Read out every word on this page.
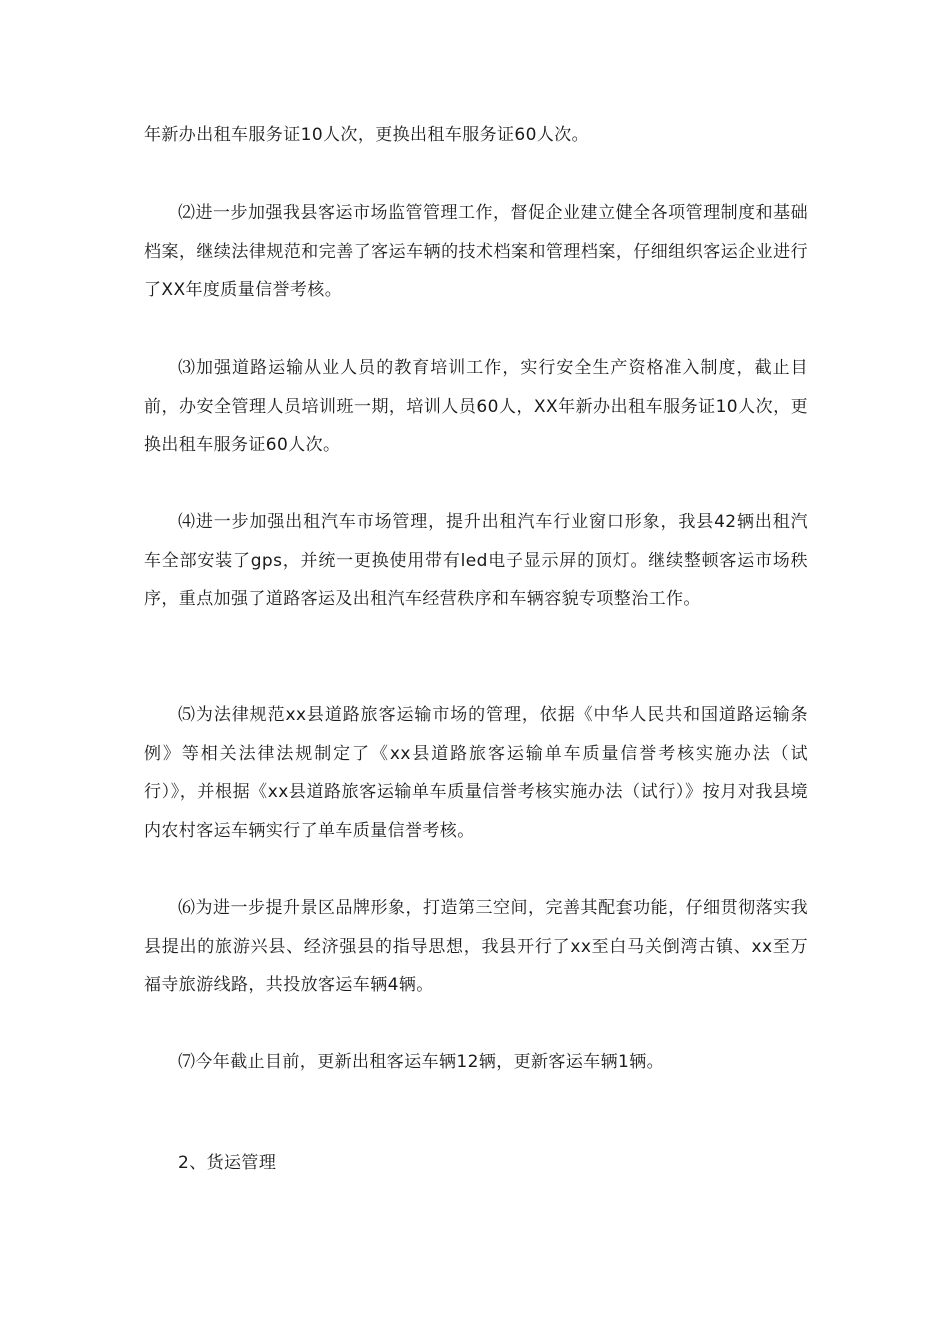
年新办出租车服务证10人次，更换出租车服务证60人次。

⑵进一步加强我县客运市场监管管理工作，督促企业建立健全各项管理制度和基础档案，继续法律规范和完善了客运车辆的技术档案和管理档案，仔细组织客运企业进行了XX年度质量信誉考核。

⑶加强道路运输从业人员的教育培训工作，实行安全生产资格准入制度，截止目前，办安全管理人员培训班一期，培训人员60人，XX年新办出租车服务证10人次，更换出租车服务证60人次。

⑷进一步加强出租汽车市场管理，提升出租汽车行业窗口形象，我县42辆出租汽车全部安装了gps，并统一更换使用带有led电子显示屏的顶灯。继续整顿客运市场秩序，重点加强了道路客运及出租汽车经营秩序和车辆容貌专项整治工作。

⑸为法律规范xx县道路旅客运输市场的管理，依据《中华人民共和国道路运输条例》等相关法律法规制定了《xx县道路旅客运输单车质量信誉考核实施办法（试行）》，并根据《xx县道路旅客运输单车质量信誉考核实施办法（试行）》按月对我县境内农村客运车辆实行了单车质量信誉考核。

⑹为进一步提升景区品牌形象，打造第三空间，完善其配套功能，仔细贯彻落实我县提出的旅游兴县、经济强县的指导思想，我县开行了xx至白马关倒湾古镇、xx至万福寺旅游线路，共投放客运车辆4辆。

⑺今年截止目前，更新出租客运车辆12辆，更新客运车辆1辆。

2、货运管理
